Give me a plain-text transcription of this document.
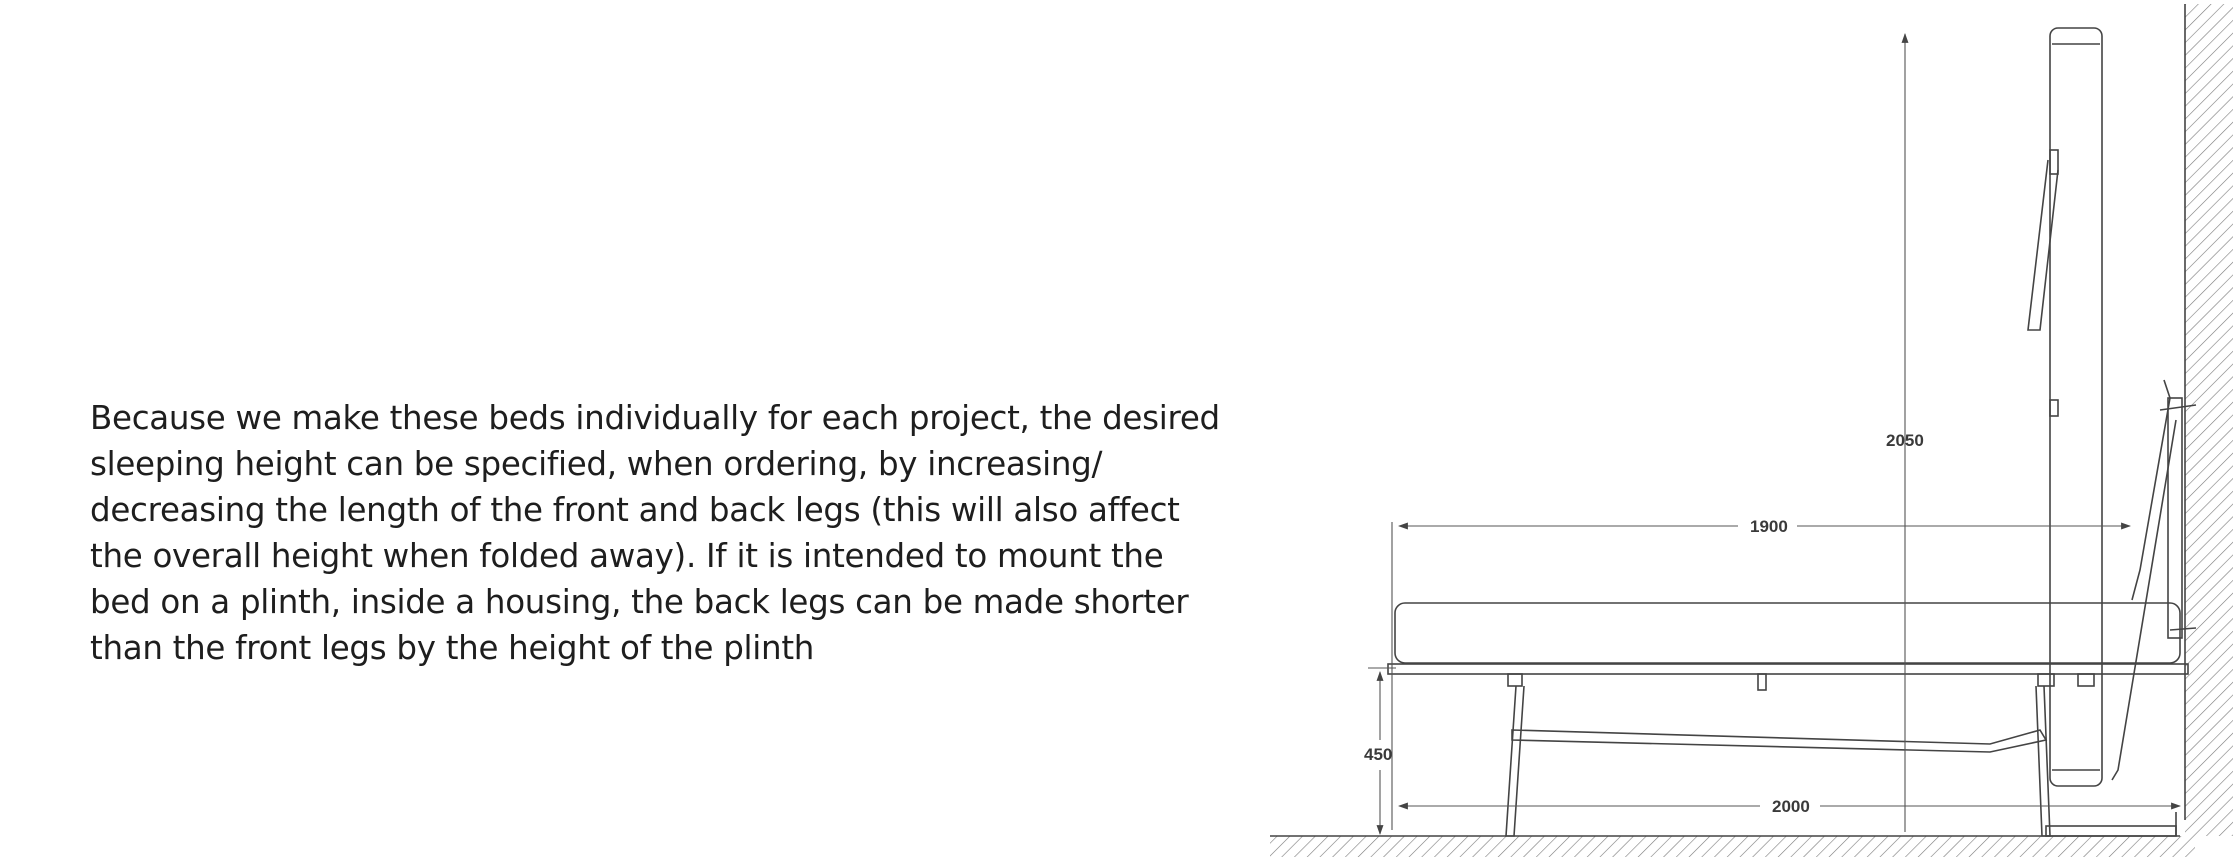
Because we make these beds individually for each project, the desired sleeping height can be specified, when ordering, by increasing/ decreasing the length of the front and back legs (this will also affect the overall height when folded away). If it is intended to mount the bed on a plinth, inside a housing, the back legs can be made shorter than the front legs by the height of the plinth

2050
1900
2000
450
